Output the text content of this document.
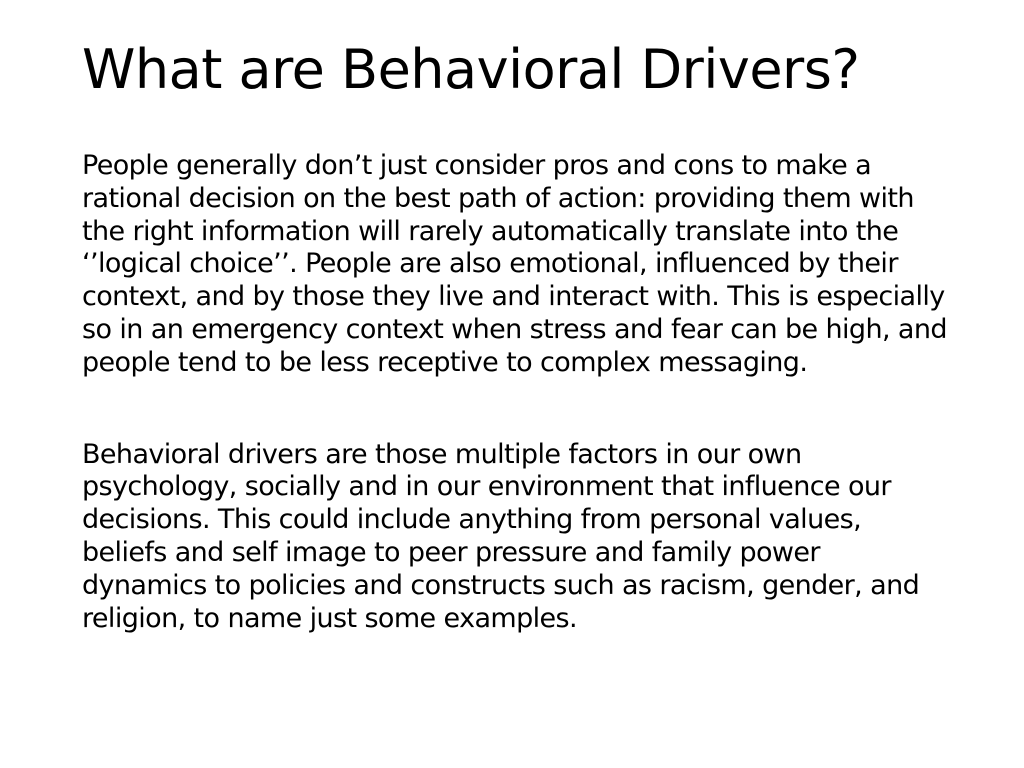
What are Behavioral Drivers?

People generally don’t just consider pros and cons to make a rational decision on the best path of action: providing them with the right information will rarely automatically translate into the ‘’logical choice’’. People are also emotional, influenced by their context, and by those they live and interact with. This is especially so in an emergency context when stress and fear can be high, and people tend to be less receptive to complex messaging.

Behavioral drivers are those multiple factors in our own psychology, socially and in our environment that influence our decisions. This could include anything from personal values, beliefs and self image to peer pressure and family power dynamics to policies and constructs such as racism, gender, and religion, to name just some examples.
